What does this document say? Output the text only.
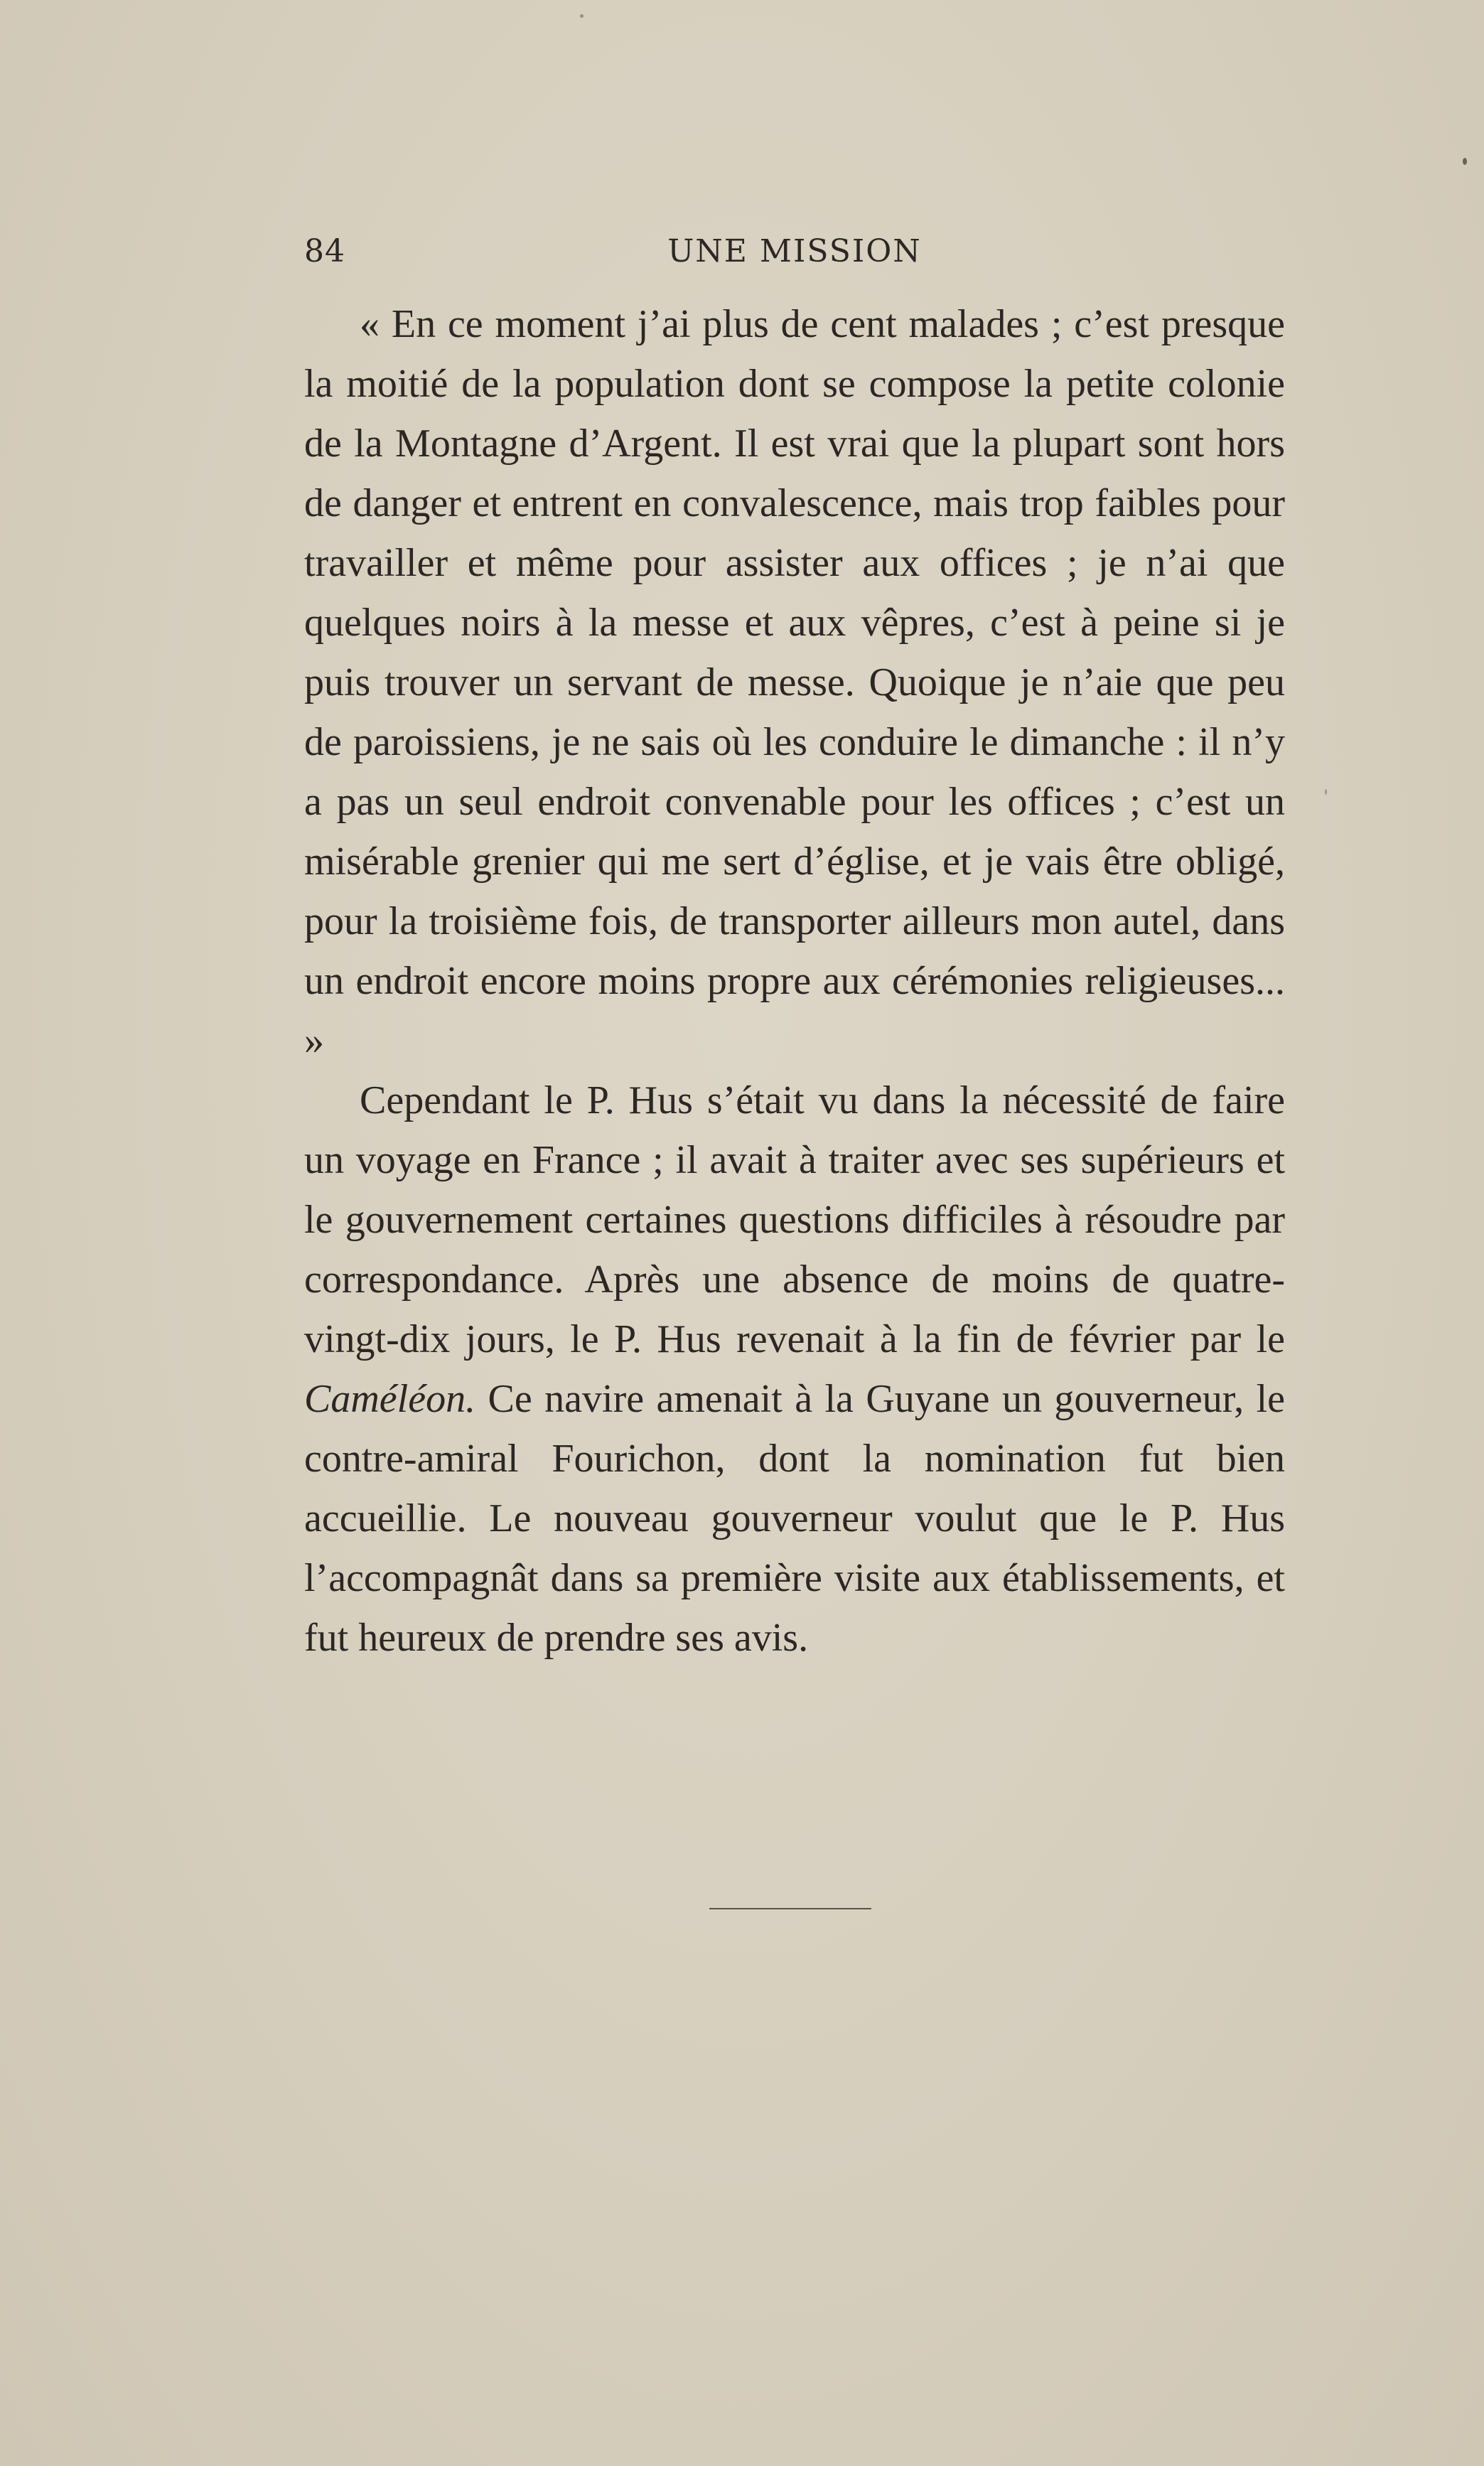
84	UNE MISSION

« En ce moment j’ai plus de cent malades ; c’est presque la moitié de la population dont se compose la petite colonie de la Montagne d’Argent. Il est vrai que la plupart sont hors de danger et entrent en convalescence, mais trop faibles pour travailler et même pour assister aux offices ; je n’ai que quelques noirs à la messe et aux vêpres, c’est à peine si je puis trouver un servant de messe. Quoique je n’aie que peu de paroissiens, je ne sais où les conduire le dimanche : il n’y a pas un seul endroit convenable pour les offices ; c’est un misérable grenier qui me sert d’église, et je vais être obligé, pour la troisième fois, de transporter ailleurs mon autel, dans un endroit encore moins propre aux cérémonies religieuses... »

Cependant le P. Hus s’était vu dans la nécessité de faire un voyage en France ; il avait à traiter avec ses supérieurs et le gouvernement certaines questions difficiles à résoudre par correspondance. Après une absence de moins de quatre-vingt-dix jours, le P. Hus revenait à la fin de février par le Caméléon. Ce navire amenait à la Guyane un gouverneur, le contre-amiral Fourichon, dont la nomination fut bien accueillie. Le nouveau gouverneur voulut que le P. Hus l’accompagnât dans sa première visite aux établissements, et fut heureux de prendre ses avis.
